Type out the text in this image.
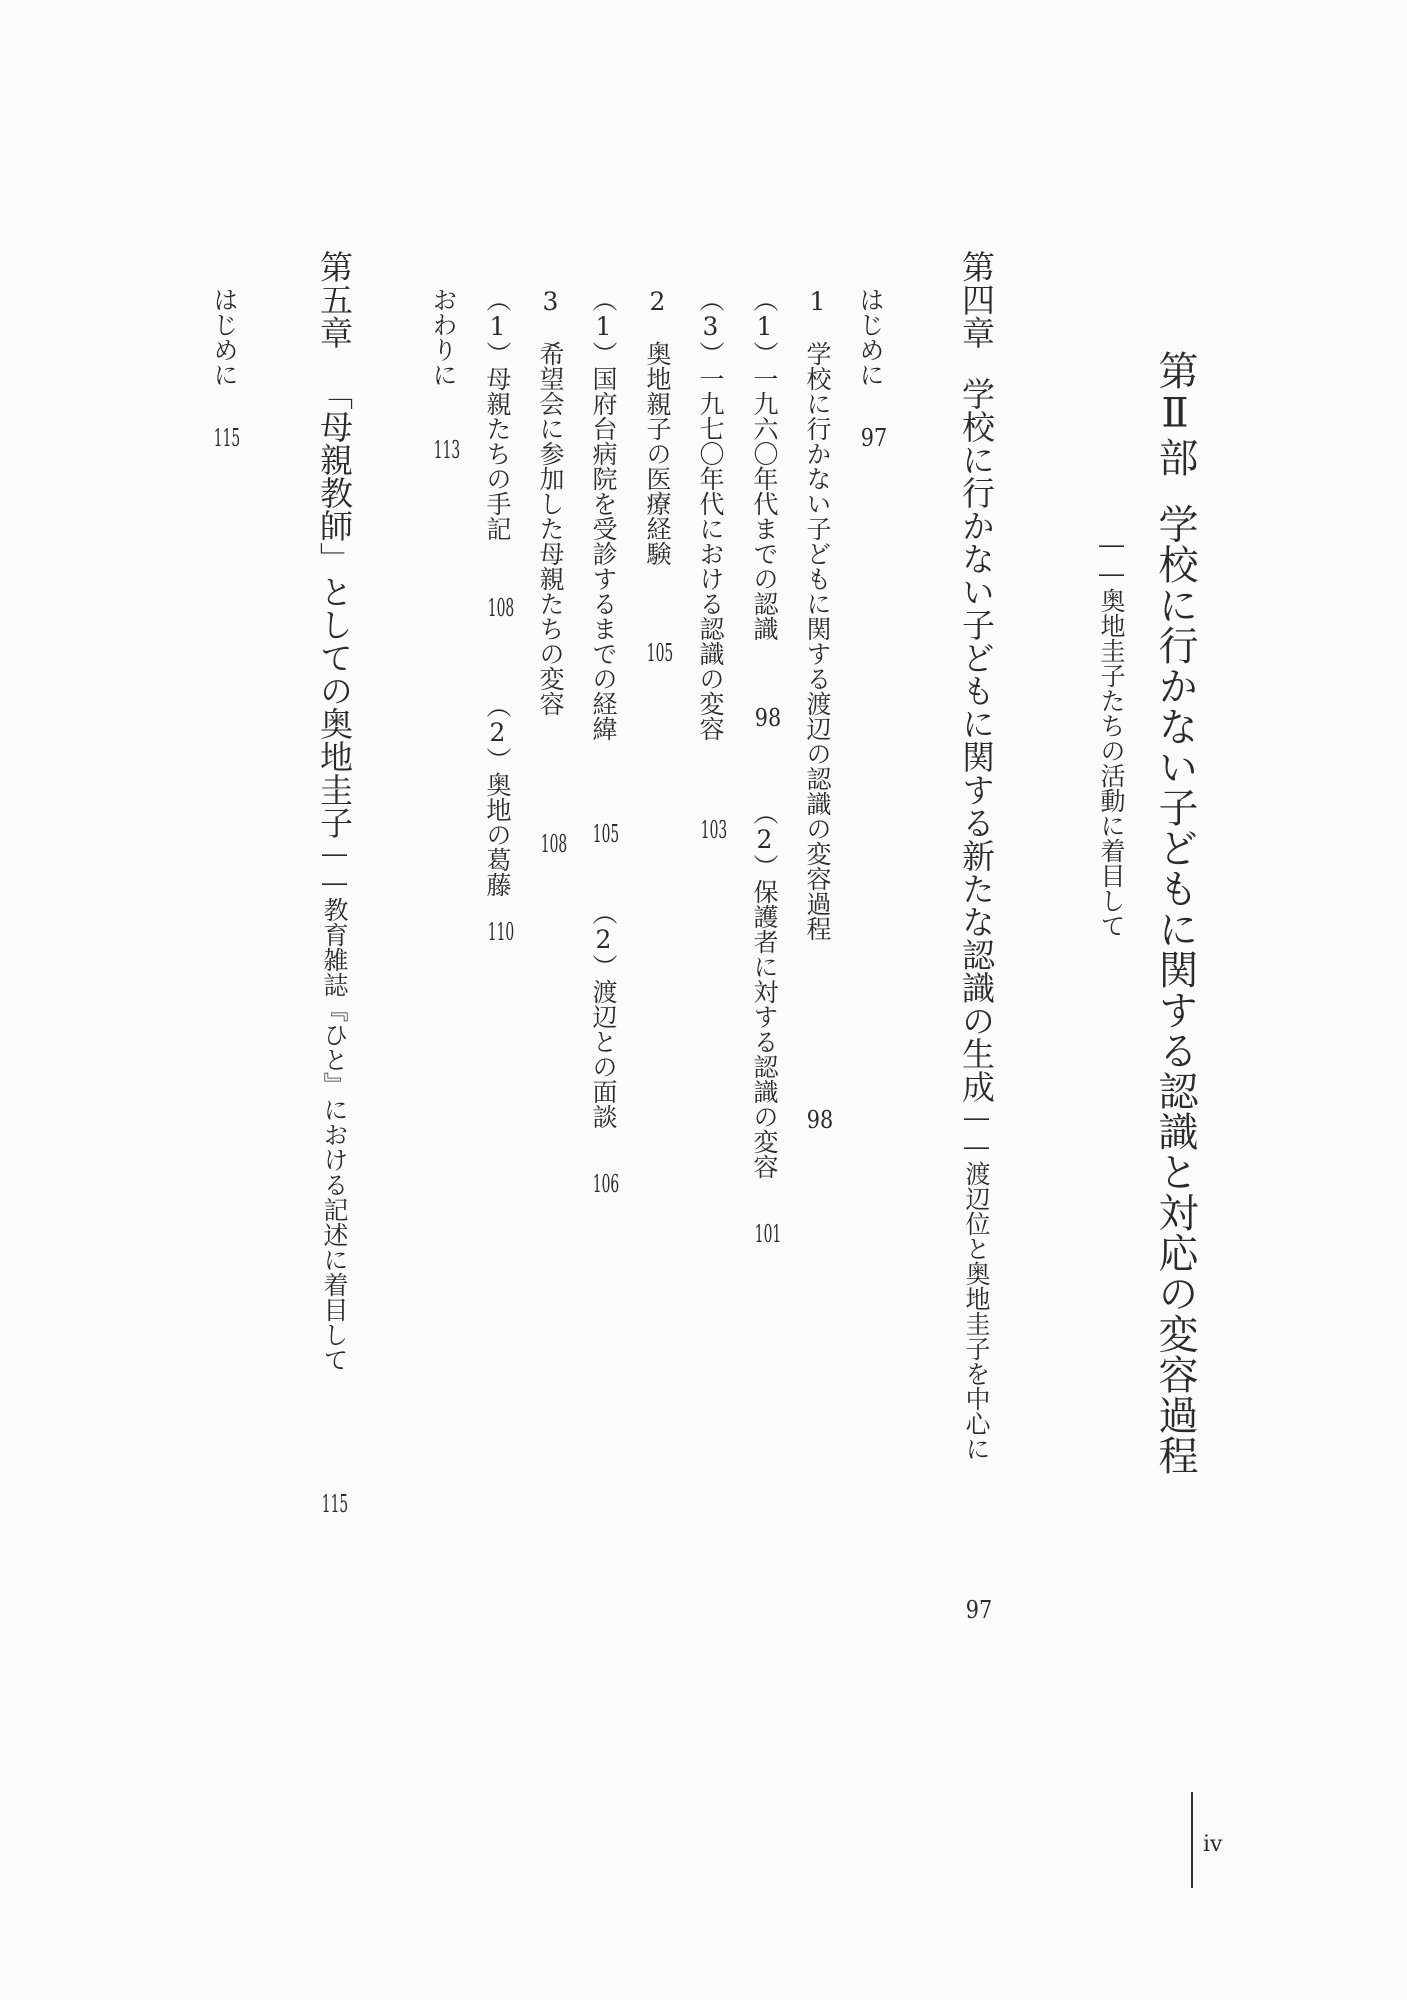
第Ⅱ部学校に行かない子どもに関する認識と対応の変容過程
――奥地圭子たちの活動に着目して
第四章学校に行かない子どもに関する新たな認識の生成――渡辺位と奥地圭子を中心に
97
はじめに
97
1　学校に行かない子どもに関する渡辺の認識の変容過程
98
（1）一九六〇年代までの認識
98
（2）保護者に対する認識の変容
101
（3）一九七〇年代における認識の変容
103
2　奥地親子の医療経験
105
（1）国府台病院を受診するまでの経緯
105
（2）渡辺との面談
106
3　希望会に参加した母親たちの変容
108
（1）母親たちの手記
108
（2）奥地の葛藤
110
おわりに
113
第五章「母親教師」としての奥地圭子――教育雑誌『ひと』における記述に着目して
115
はじめに
115
iv
